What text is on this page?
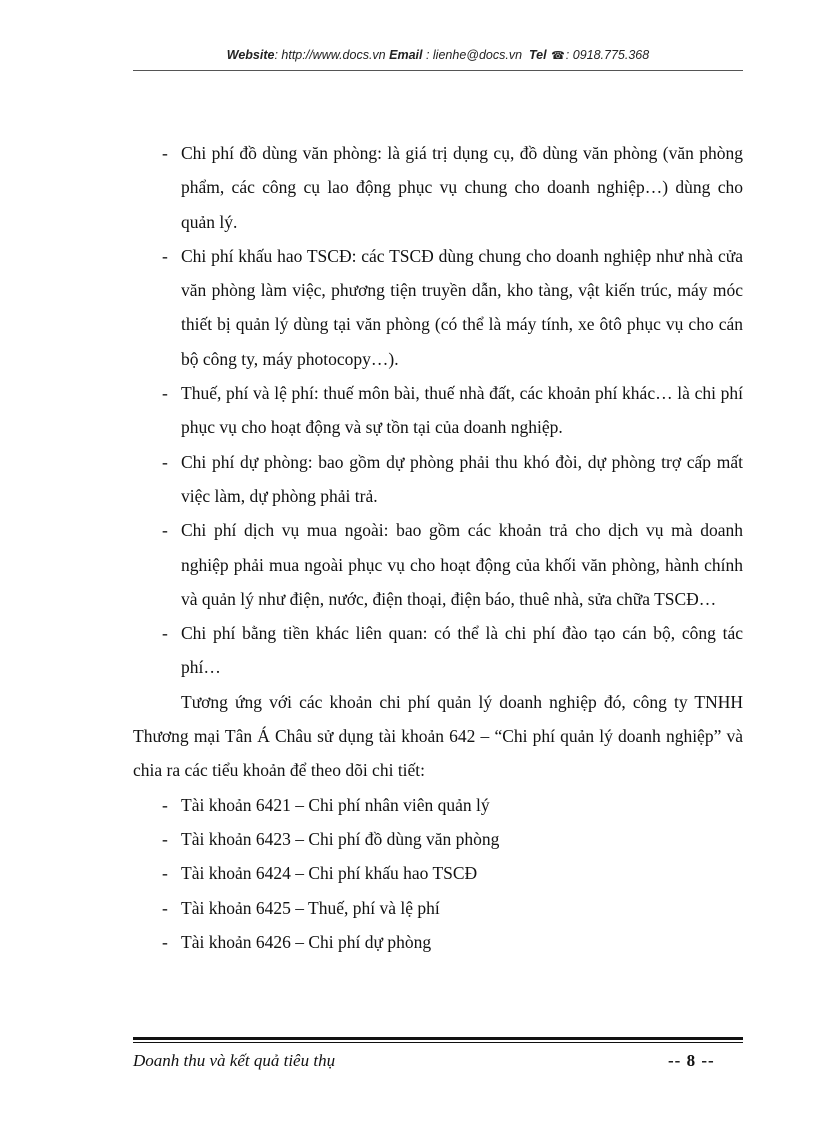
Website: http://www.docs.vn Email : lienhe@docs.vn Tel ☎: 0918.775.368
- Chi phí đồ dùng văn phòng: là giá trị dụng cụ, đồ dùng văn phòng (văn phòng phẩm, các công cụ lao động phục vụ chung cho doanh nghiệp…) dùng cho quản lý.
- Chi phí khấu hao TSCĐ: các TSCĐ dùng chung cho doanh nghiệp như nhà cửa văn phòng làm việc, phương tiện truyền dẫn, kho tàng, vật kiến trúc, máy móc thiết bị quản lý dùng tại văn phòng (có thể là máy tính, xe ôtô phục vụ cho cán bộ công ty, máy photocopy…).
- Thuế, phí và lệ phí: thuế môn bài, thuế nhà đất, các khoản phí khác… là chi phí phục vụ cho hoạt động và sự tồn tại của doanh nghiệp.
- Chi phí dự phòng: bao gồm dự phòng phải thu khó đòi, dự phòng trợ cấp mất việc làm, dự phòng phải trả.
- Chi phí dịch vụ mua ngoài: bao gồm các khoản trả cho dịch vụ mà doanh nghiệp phải mua ngoài phục vụ cho hoạt động của khối văn phòng, hành chính và quản lý như điện, nước, điện thoại, điện báo, thuê nhà, sửa chữa TSCĐ…
- Chi phí bằng tiền khác liên quan: có thể là chi phí đào tạo cán bộ, công tác phí…
Tương ứng với các khoản chi phí quản lý doanh nghiệp đó, công ty TNHH Thương mại Tân Á Châu sử dụng tài khoản 642 – “Chi phí quản lý doanh nghiệp” và chia ra các tiểu khoản để theo dõi chi tiết:
- Tài khoản 6421 – Chi phí nhân viên quản lý
- Tài khoản 6423 – Chi phí đồ dùng văn phòng
- Tài khoản 6424 – Chi phí khấu hao TSCĐ
- Tài khoản 6425 – Thuế, phí và lệ phí
- Tài khoản 6426 – Chi phí dự phòng
Doanh thu và kết quả tiêu thụ	-- 8 --
